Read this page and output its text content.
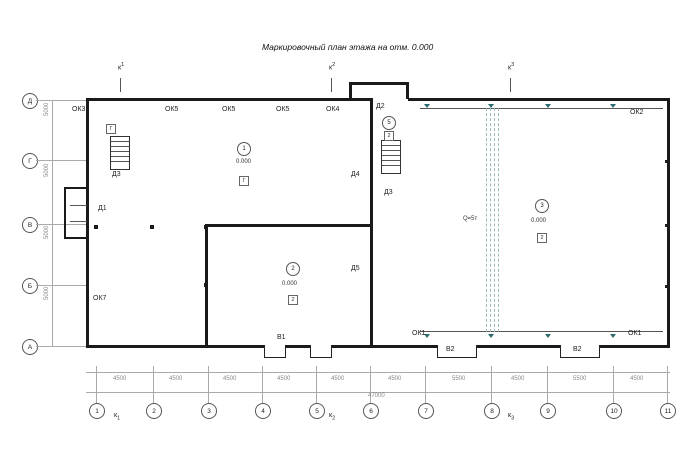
Маркировочный план этажа на отм. 0.000
Д
Г
В
Б
А
5000
5000
5000
5000
$к^1$	$к^2$	$к^3$
$к_1$	$к_2$	$к_3$
Q=5т
1
0.000
Г
2
0.000
2
3
0.000
2
5
2
Г
ОК3	ОК5	ОК5	ОК5	ОК4	ОК2
ОК7
ОК1	ОК1
В1
В2	В2
Д1
Д2
Д3
Д3
Д4
Д5
4500	4500	4500	4500	4500	4500	5500	4500	5500	4500
47000
1	2	3	4	5	6	7	8	9	10	11
